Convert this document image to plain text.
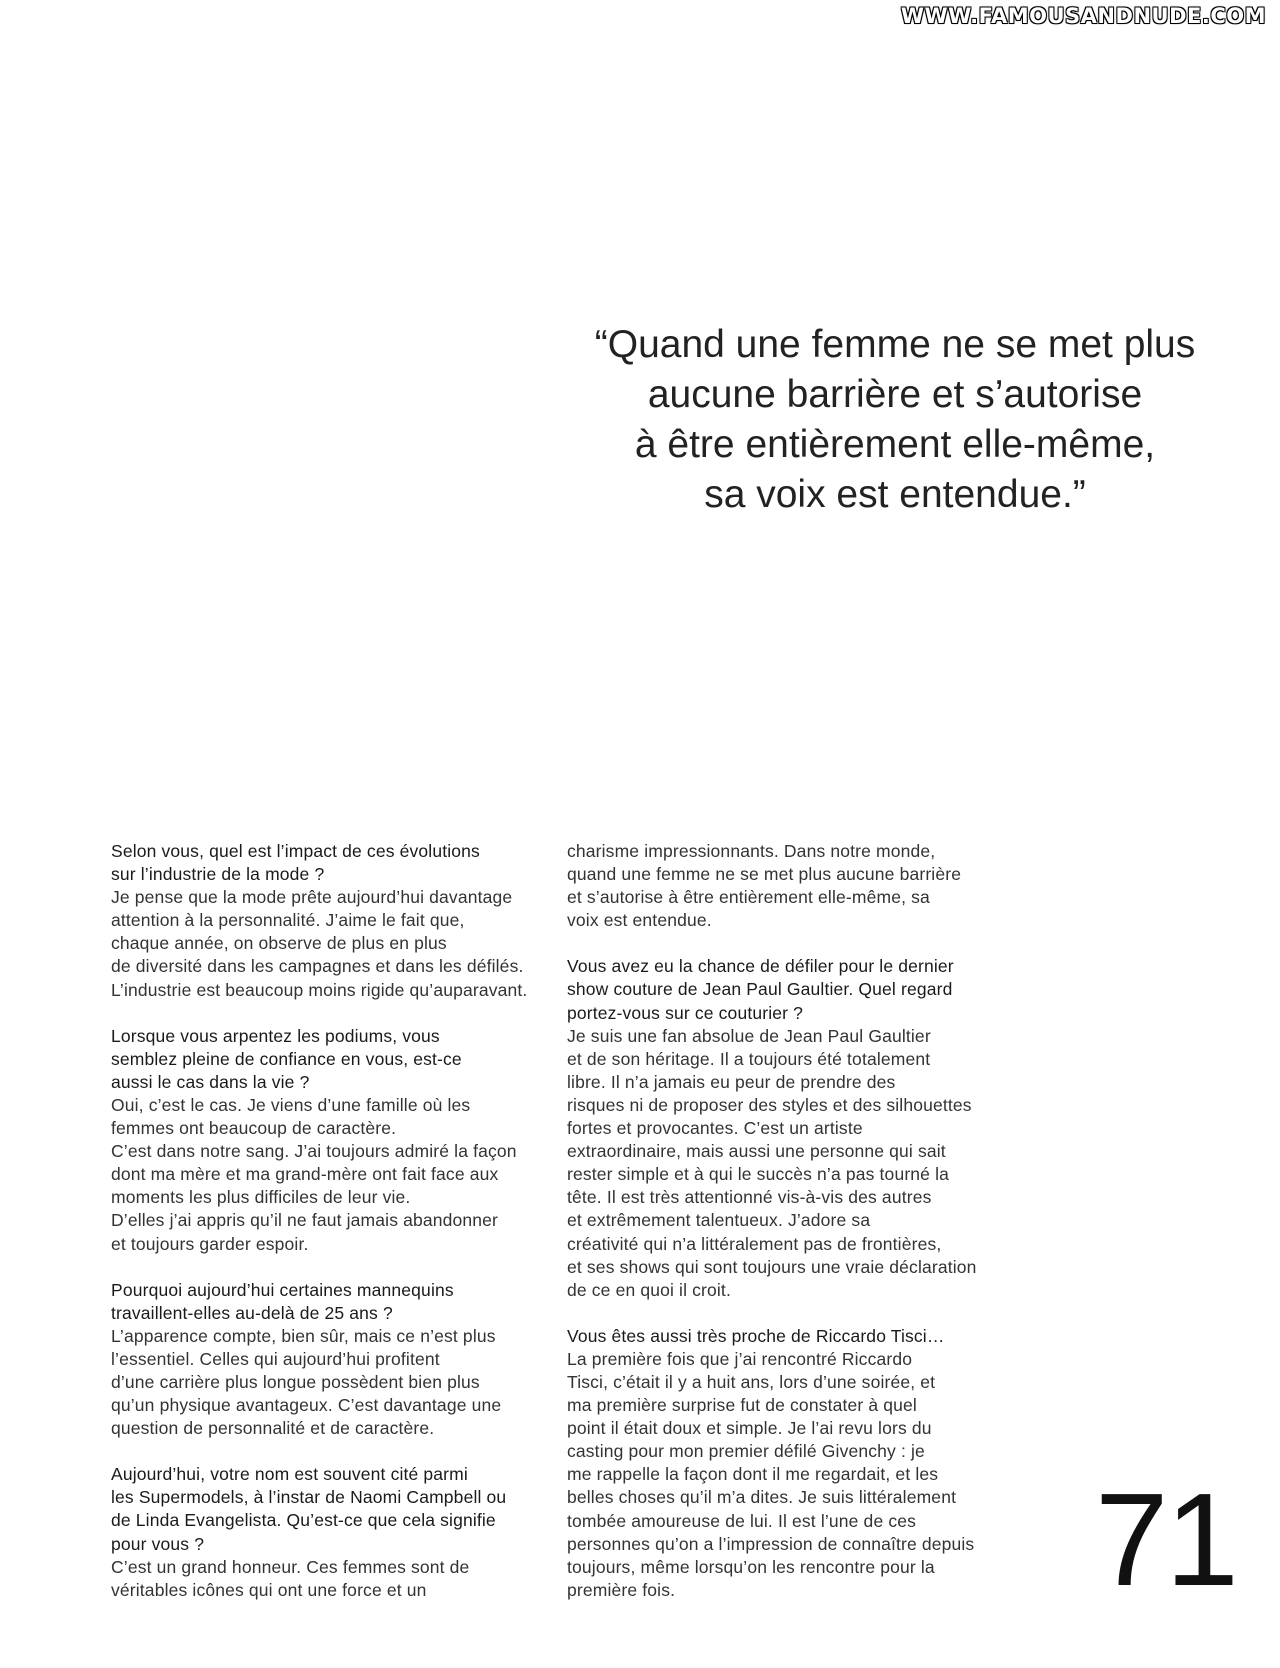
WWW.FAMOUSANDNUDE.COM
“Quand une femme ne se met plus
aucune barrière et s’autorise
à être entièrement elle-même,
sa voix est entendue.”
Selon vous, quel est l’impact de ces évolutions
sur l’industrie de la mode ?
Je pense que la mode prête aujourd’hui davantage
attention à la personnalité. J’aime le fait que,
chaque année, on observe de plus en plus
de diversité dans les campagnes et dans les défilés.
L’industrie est beaucoup moins rigide qu’auparavant.
Lorsque vous arpentez les podiums, vous
semblez pleine de confiance en vous, est-ce
aussi le cas dans la vie ?
Oui, c’est le cas. Je viens d’une famille où les
femmes ont beaucoup de caractère.
C’est dans notre sang. J’ai toujours admiré la façon
dont ma mère et ma grand-mère ont fait face aux
moments les plus difficiles de leur vie.
D’elles j’ai appris qu’il ne faut jamais abandonner
et toujours garder espoir.
Pourquoi aujourd’hui certaines mannequins
travaillent-elles au-delà de 25 ans ?
L’apparence compte, bien sûr, mais ce n’est plus
l’essentiel. Celles qui aujourd’hui profitent
d’une carrière plus longue possèdent bien plus
qu’un physique avantageux. C’est davantage une
question de personnalité et de caractère.
Aujourd’hui, votre nom est souvent cité parmi
les Supermodels, à l’instar de Naomi Campbell ou
de Linda Evangelista. Qu’est-ce que cela signifie
pour vous ?
C’est un grand honneur. Ces femmes sont de
véritables icônes qui ont une force et un
charisme impressionnants. Dans notre monde,
quand une femme ne se met plus aucune barrière
et s’autorise à être entièrement elle-même, sa
voix est entendue.
Vous avez eu la chance de défiler pour le dernier
show couture de Jean Paul Gaultier. Quel regard
portez-vous sur ce couturier ?
Je suis une fan absolue de Jean Paul Gaultier
et de son héritage. Il a toujours été totalement
libre. Il n’a jamais eu peur de prendre des
risques ni de proposer des styles et des silhouettes
fortes et provocantes. C’est un artiste
extraordinaire, mais aussi une personne qui sait
rester simple et à qui le succès n’a pas tourné la
tête. Il est très attentionné vis-à-vis des autres
et extrêmement talentueux. J’adore sa
créativité qui n’a littéralement pas de frontières,
et ses shows qui sont toujours une vraie déclaration
de ce en quoi il croit.
Vous êtes aussi très proche de Riccardo Tisci…
La première fois que j’ai rencontré Riccardo
Tisci, c’était il y a huit ans, lors d’une soirée, et
ma première surprise fut de constater à quel
point il était doux et simple. Je l’ai revu lors du
casting pour mon premier défilé Givenchy : je
me rappelle la façon dont il me regardait, et les
belles choses qu’il m’a dites. Je suis littéralement
tombée amoureuse de lui. Il est l’une de ces
personnes qu’on a l’impression de connaître depuis
toujours, même lorsqu’on les rencontre pour la
première fois.	71
